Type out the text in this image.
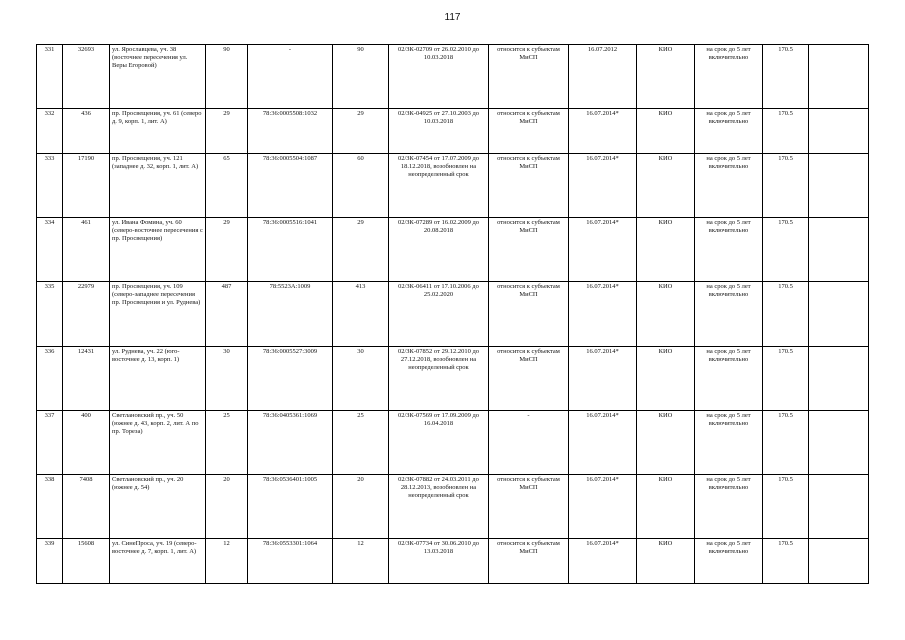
117
331	32693	ул. Ярославцева, уч. 38 (восточнее пересечения ул. Веры Егоровой)	90	-	90	02/ЗК-02709 от 26.02.2010 до 10.03.2018	относится к субъектам МиСП	16.07.2012	КИО	на срок до 5 лет включительно	170.5	
332	436	пр. Просвещения, уч. 61 (северо д. 9, корп. 1, лит. А)	29	78:36:0005508:1032	29	02/ЗК-04925 от 27.10.2003 до 10.03.2018	относится к субъектам МиСП	16.07.2014*	КИО	на срок до 5 лет включительно	170.5	
333	17190	пр. Просвещения, уч. 121 (западнее д. 32, корп. 1, лит. А)	65	78:36:0005504:1087	60	02/ЗК-07454 от 17.07.2009 до 18.12.2018, возобновлен на неопределенный срок	относится к субъектам МиСП	16.07.2014*	КИО	на срок до 5 лет включительно	170.5	
334	461	ул. Ивана Фомина, уч. 60 (северо-восточнее пересечения с пр. Просвещения)	29	78:36:0005516:1041	29	02/ЗК-07289 от 16.02.2009 до 20.08.2018	относится к субъектам МиСП	16.07.2014*	КИО	на срок до 5 лет включительно	170.5	
335	22979	пр. Просвещения, уч. 109 (северо-западнее пересечения пр. Просвещения и ул. Руднева)	487	78:5523А:1009	413	02/ЗК-06411 от 17.10.2006 до 25.02.2020	относится к субъектам МиСП	16.07.2014*	КИО	на срок до 5 лет включительно	170.5	
336	12431	ул. Руднева, уч. 22 (юго-восточнее д. 13, корп. 1)	30	78:36:0005527:3009	30	02/ЗК-07852 от 29.12.2010 до 27.12.2018, возобновлен на неопределенный срок	относится к субъектам МиСП	16.07.2014*	КИО	на срок до 5 лет включительно	170.5	
337	400	Светлановский пр., уч. 50 (южнее д. 43, корп. 2, лит. А по пр. Тореза)	25	78:36:0405361:1069	25	02/ЗК-07569 от 17.09.2009 до 16.04.2018	-	16.07.2014*	КИО	на срок до 5 лет включительно	170.5	
338	7408	Светлановский пр., уч. 20 (южнее д. 54)	20	78:36:0536401:1005	20	02/ЗК-07882 от 24.03.2011 до 28.12.2013, возобновлен на неопределенный срок	относится к субъектам МиСП	16.07.2014*	КИО	на срок до 5 лет включительно	170.5	
339	15608	ул. СинеПроса, уч. 19 (северо-восточнее д. 7, корп. 1, лит. А)	12	78:36:0553301:1064	12	02/ЗК-07734 от 30.06.2010 до 13.03.2018	относится к субъектам МиСП	16.07.2014*	КИО	на срок до 5 лет включительно	170.5	
